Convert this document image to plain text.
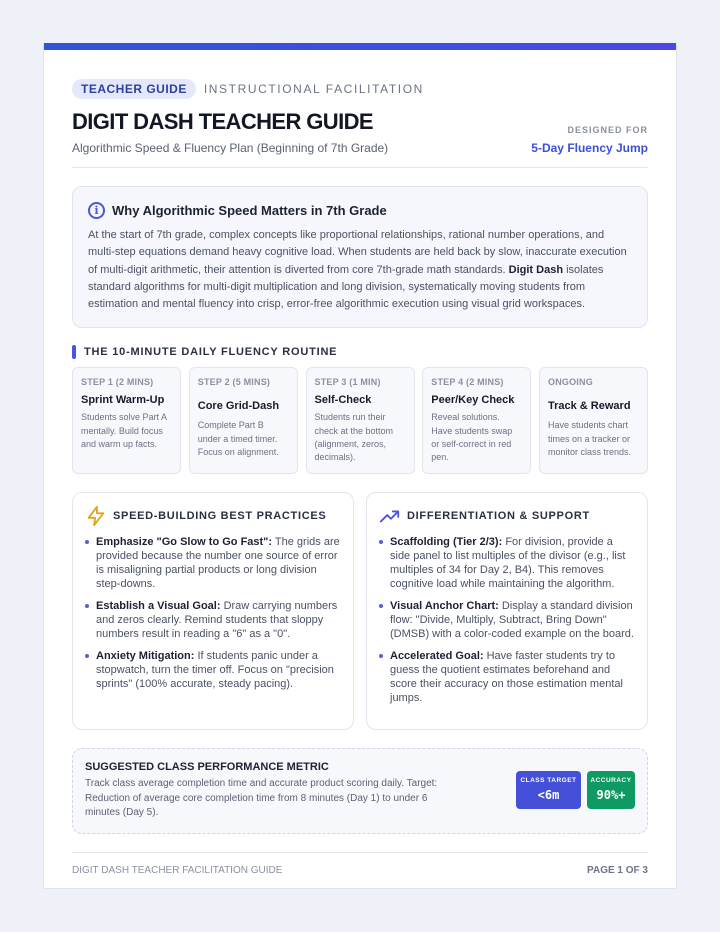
TEACHER GUIDE	INSTRUCTIONAL FACILITATION
DIGIT DASH TEACHER GUIDE
Algorithmic Speed & Fluency Plan (Beginning of 7th Grade)
DESIGNED FOR
5-Day Fluency Jump
i	Why Algorithmic Speed Matters in 7th Grade

At the start of 7th grade, complex concepts like proportional relationships, rational number operations, and multi-step equations demand heavy cognitive load. When students are held back by slow, inaccurate execution of multi-digit arithmetic, their attention is diverted from core 7th-grade math standards. Digit Dash isolates standard algorithms for multi-digit multiplication and long division, systematically moving students from estimation and mental fluency into crisp, error-free algorithmic execution using visual grid workspaces.

THE 10-MINUTE DAILY FLUENCY ROUTINE
STEP 1 (2 MINS)
Sprint Warm-Up
Students solve Part A mentally. Build focus and warm up facts.
STEP 2 (5 MINS)
Core Grid-Dash
Complete Part B under a timed timer. Focus on alignment.
STEP 3 (1 MIN)
Self-Check
Students run their check at the bottom (alignment, zeros, decimals).
STEP 4 (2 MINS)
Peer/Key Check
Reveal solutions. Have students swap or self-correct in red pen.
ONGOING
Track & Reward
Have students chart times on a tracker or monitor class trends.
SPEED-BUILDING BEST PRACTICES
Emphasize "Go Slow to Go Fast": The grids are provided because the number one source of error is misaligning partial products or long division step-downs.
Establish a Visual Goal: Draw carrying numbers and zeros clearly. Remind students that sloppy numbers result in reading a "6" as a "0".
Anxiety Mitigation: If students panic under a stopwatch, turn the timer off. Focus on "precision sprints" (100% accurate, steady pacing).
DIFFERENTIATION & SUPPORT
Scaffolding (Tier 2/3): For division, provide a side panel to list multiples of the divisor (e.g., list multiples of 34 for Day 2, B4). This removes cognitive load while maintaining the algorithm.
Visual Anchor Chart: Display a standard division flow: "Divide, Multiply, Subtract, Bring Down" (DMSB) with a color-coded example on the board.
Accelerated Goal: Have faster students try to guess the quotient estimates beforehand and score their accuracy on those estimation mental jumps.
SUGGESTED CLASS PERFORMANCE METRIC
Track class average completion time and accurate product scoring daily. Target: Reduction of average core completion time from 8 minutes (Day 1) to under 6 minutes (Day 5).
CLASS TARGET
<6m
ACCURACY
90%+
DIGIT DASH TEACHER FACILITATION GUIDE	PAGE 1 OF 3
